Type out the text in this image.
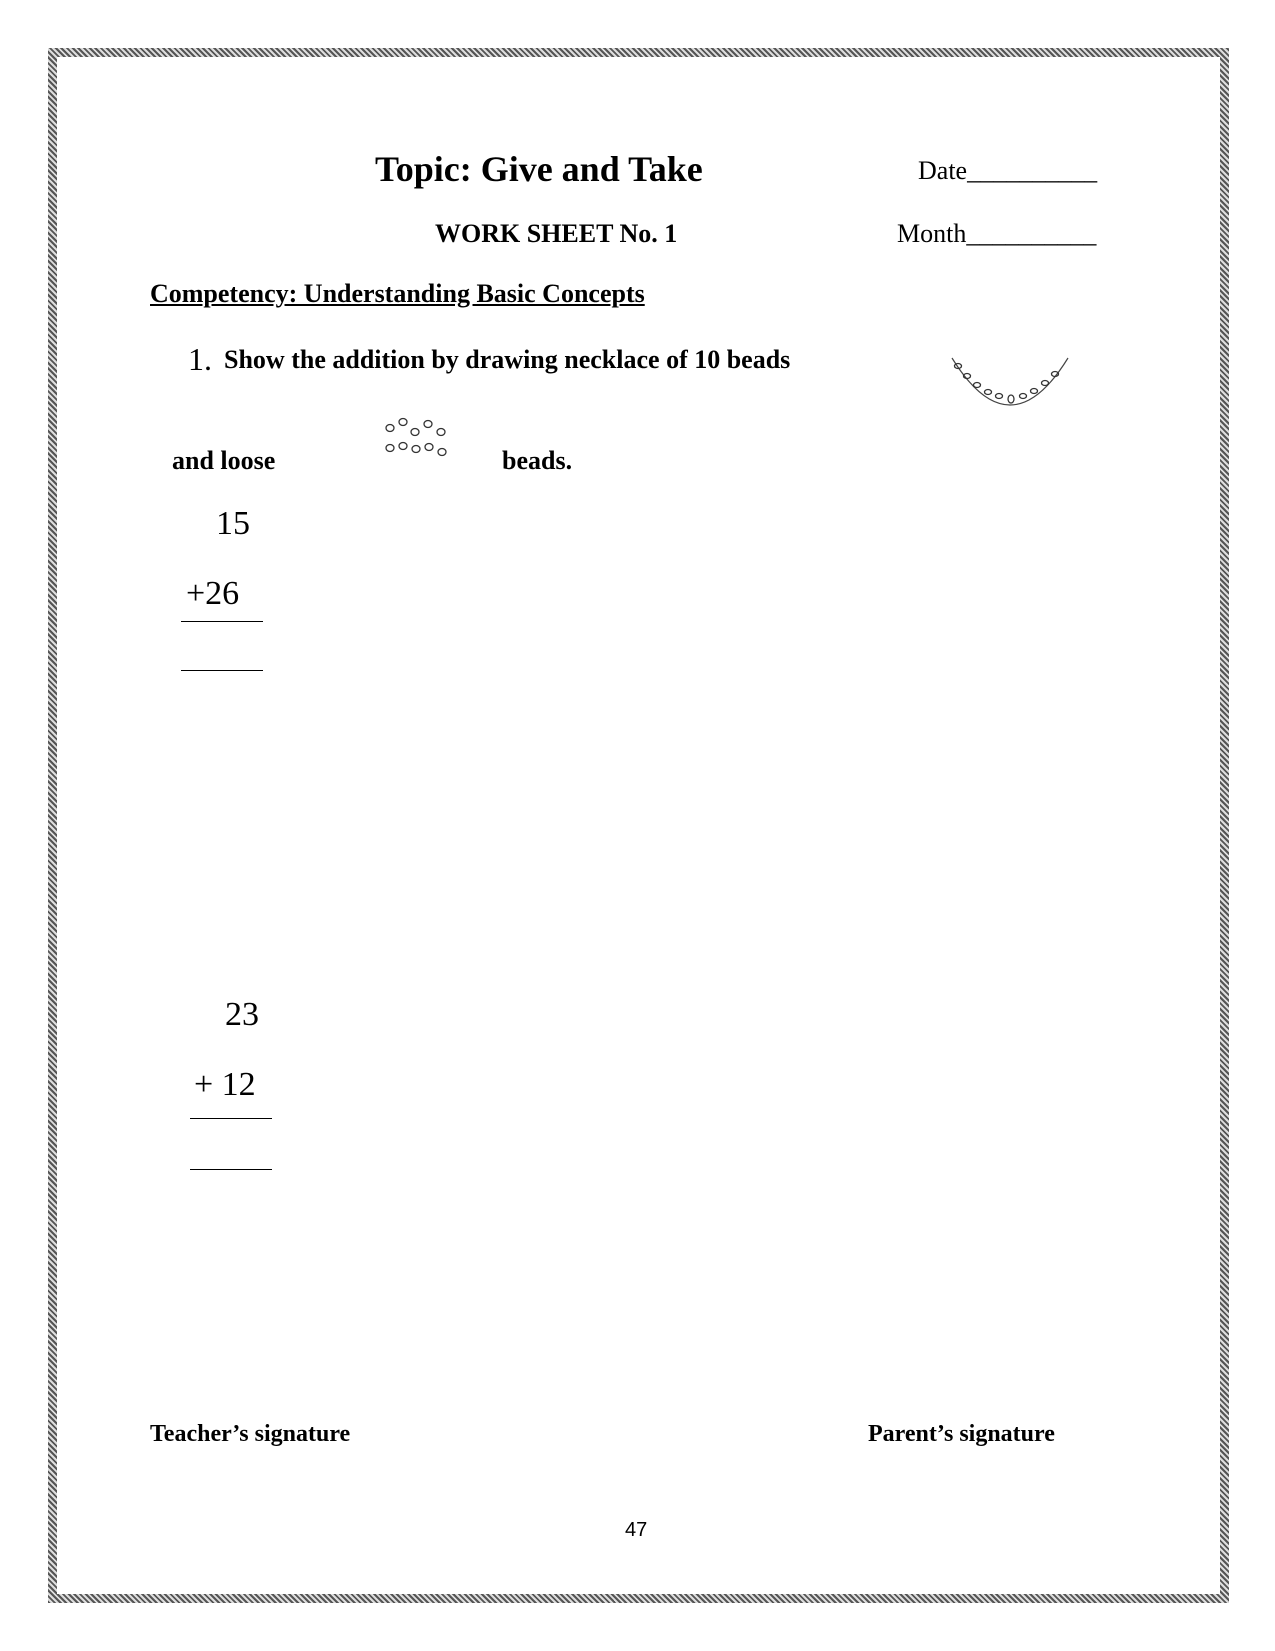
Topic: Give and Take	Date__________
WORK SHEET No. 1	Month__________
Competency: Understanding Basic Concepts
1. Show the addition by drawing necklace of 10 beads
and loose	beads.
15
+26
23
+ 12
Teacher’s signature	Parent’s signature
47
